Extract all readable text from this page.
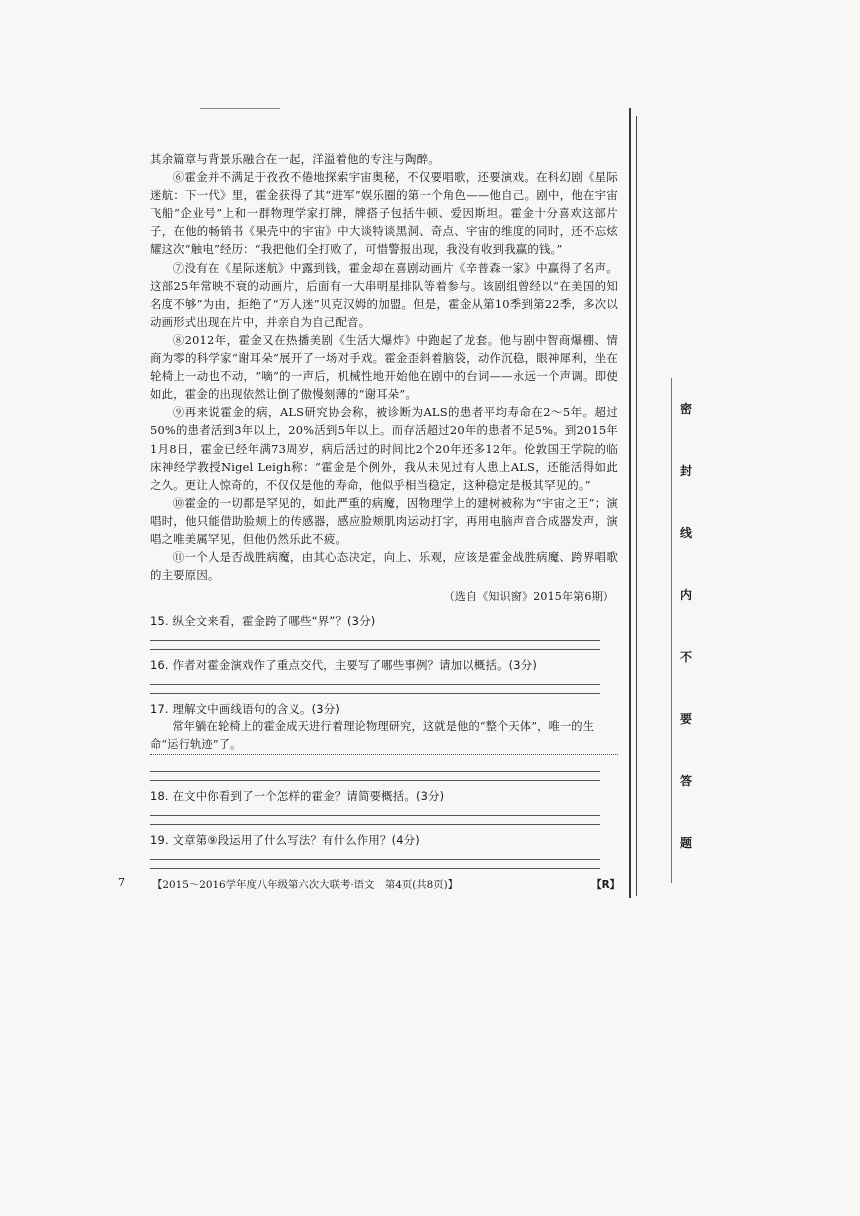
其余篇章与背景乐融合在一起，洋溢着他的专注与陶醉。

⑥霍金并不满足于孜孜不倦地探索宇宙奥秘，不仅要唱歌，还要演戏。在科幻剧《星际迷航：下一代》里，霍金获得了其“进军”娱乐圈的第一个角色——他自己。剧中，他在宇宙飞船“企业号”上和一群物理学家打牌，牌搭子包括牛顿、爱因斯坦。霍金十分喜欢这部片子，在他的畅销书《果壳中的宇宙》中大谈特谈黑洞、奇点、宇宙的维度的同时，还不忘炫耀这次“触电”经历：“我把他们全打败了，可惜警报出现，我没有收到我赢的钱。”

⑦没有在《星际迷航》中露到钱，霍金却在喜剧动画片《辛普森一家》中赢得了名声。这部25年常映不衰的动画片，后面有一大串明星排队等着参与。该剧组曾经以“在美国的知名度不够”为由，拒绝了“万人迷”贝克汉姆的加盟。但是，霍金从第10季到第22季，多次以动画形式出现在片中，并亲自为自己配音。

⑧2012年，霍金又在热播美剧《生活大爆炸》中跑起了龙套。他与剧中智商爆棚、情商为零的科学家“谢耳朵”展开了一场对手戏。霍金歪斜着脑袋，动作沉稳，眼神犀利，坐在轮椅上一动也不动，“嘀”的一声后，机械性地开始他在剧中的台词——永远一个声调。即使如此，霍金的出现依然让倒了傲慢刻薄的“谢耳朵”。

⑨再来说霍金的病，ALS研究协会称，被诊断为ALS的患者平均寿命在2～5年。超过50%的患者活到3年以上，20%活到5年以上。而存活超过20年的患者不足5%。到2015年1月8日，霍金已经年满73周岁，病后活过的时间比2个20年还多12年。伦敦国王学院的临床神经学教授Nigel Leigh称：“霍金是个例外，我从未见过有人患上ALS，还能活得如此之久。更让人惊奇的，不仅仅是他的寿命，他似乎相当稳定，这种稳定是极其罕见的。”

⑩霍金的一切都是罕见的，如此严重的病魔，因物理学上的建树被称为“宇宙之王”；演唱时，他只能借助脸颊上的传感器，感应脸颊肌肉运动打字，再用电脑声音合成器发声，演唱之唯美属罕见，但他仍然乐此不疲。

⑪一个人是否战胜病魔，由其心态决定，向上、乐观，应该是霍金战胜病魔、跨界唱歌的主要原因。

（选自《知识窗》2015年第6期）

15. 纵全文来看，霍金跨了哪些“界”？(3分)
16. 作者对霍金演戏作了重点交代，主要写了哪些事例？请加以概括。(3分)
17. 理解文中画线语句的含义。(3分)
常年躺在轮椅上的霍金成天进行着理论物理研究，这就是他的“整个天体”，唯一的生命“运行轨迹”了。
18. 在文中你看到了一个怎样的霍金？请简要概括。(3分)
19. 文章第⑨段运用了什么写法？有什么作用？(4分)
7	【2015～2016学年度八年级第六次大联考·语文　第4页(共8页)】	【R】
密
封
线
内
不
要
答
题
